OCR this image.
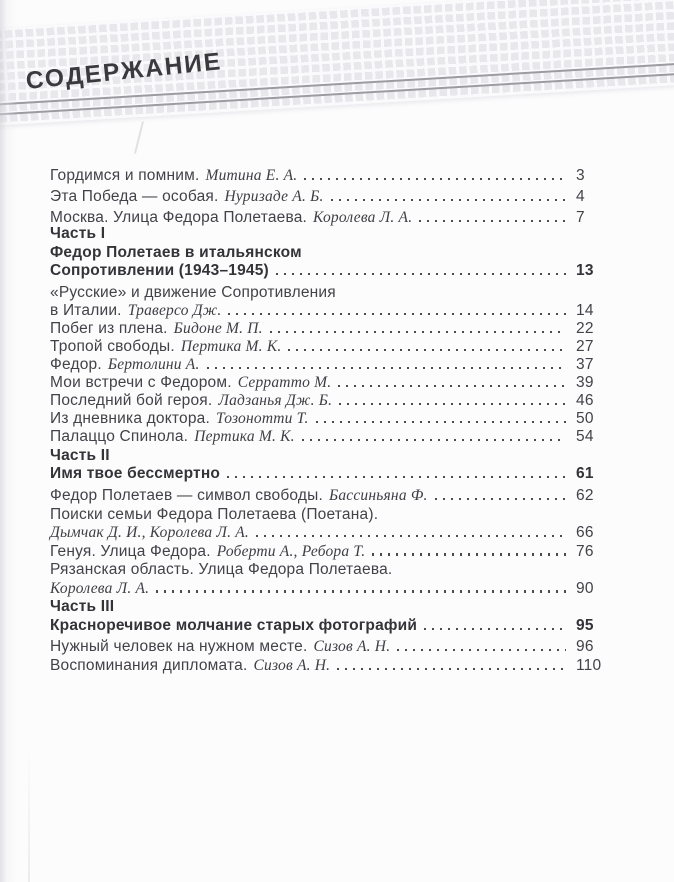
СОДЕРЖАНИЕ
Гордимся и помним. Митина Е. А.	3
Эта Победа — особая. Нуризаде А. Б.	4
Москва. Улица Федора Полетаева. Королева Л. А.	7
Часть I
Федор Полетаев в итальянском
Сопротивлении (1943–1945)	13
«Русские» и движение Сопротивления
в Италии. Траверсо Дж.	14
Побег из плена. Бидоне М. П.	22
Тропой свободы. Пертика М. К.	27
Федор. Бертолини А.	37
Мои встречи с Федором. Серратто М.	39
Последний бой героя. Ладзанья Дж. Б.	46
Из дневника доктора. Тозонотти Т.	50
Палаццо Спинола. Пертика М. К.	54
Часть II
Имя твое бессмертно	61
Федор Полетаев — символ свободы. Бассиньяна Ф.	62
Поиски семьи Федора Полетаева (Поетана).
Дымчак Д. И., Королева Л. А.	66
Генуя. Улица Федора. Роберти А., Ребора Т.	76
Рязанская область. Улица Федора Полетаева.
Королева Л. А.	90
Часть III
Красноречивое молчание старых фотографий	95
Нужный человек на нужном месте. Сизов А. Н.	96
Воспоминания дипломата. Сизов А. Н.	110
